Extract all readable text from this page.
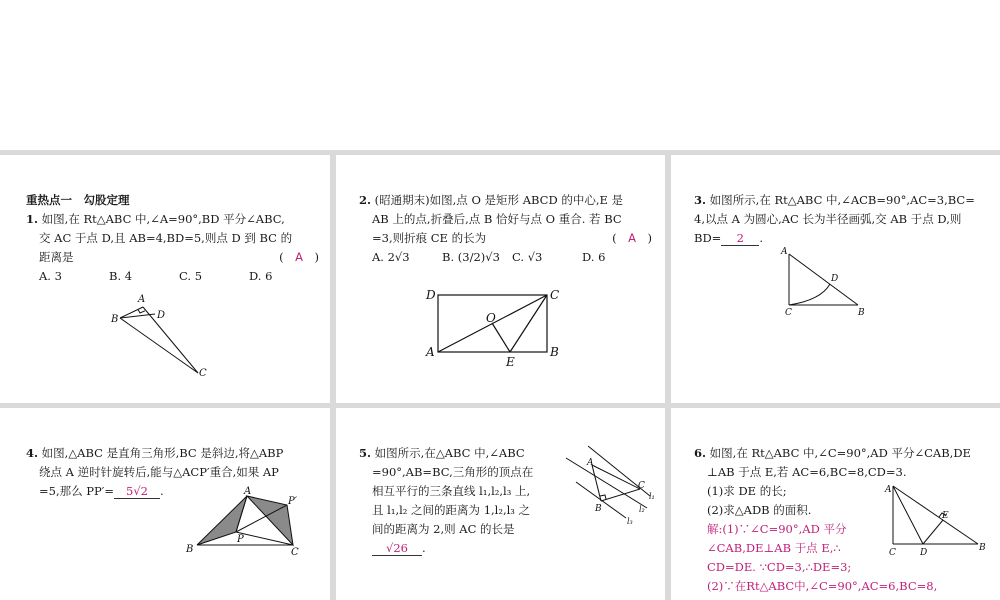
重热点一　勾股定理
1. 如图,在 Rt△ABC 中,∠A=90°,BD 平分∠ABC,
交 AC 于点 D,且 AB=4,BD=5,则点 D 到 BC 的
距离是	(　A　)
A. 3	B. 4	C. 5	D. 6
A
B
C
D
2. (昭通期末)如图,点 O 是矩形 ABCD 的中心,E 是
AB 上的点,折叠后,点 B 恰好与点 O 重合. 若 BC
=3,则折痕 CE 的长为	(　A　)
A. 2√3	B. (3/2)√3 C. √3	D. 6
D	C
A	B
O
E
3. 如图所示,在 Rt△ABC 中,∠ACB=90°,AC=3,BC=
4,以点 A 为圆心,AC 长为半径画弧,交 AB 于点 D,则
BD= 2 .
A
C	B
D
4. 如图,△ABC 是直角三角形,BC 是斜边,将△ABP
绕点 A 逆时针旋转后,能与△ACP′重合,如果 AP
=5,那么 PP′= 5√2 .	A
B	C
P
P′
5. 如图所示,在△ABC 中,∠ABC
=90°,AB=BC,三角形的顶点在
相互平行的三条直线 l₁,l₂,l₃ 上,
且 l₁,l₂ 之间的距离为 1,l₂,l₃ 之
间的距离为 2,则 AC 的长是
√26 .
A
B
C
l₁
l₂
l₃
6. 如图,在 Rt△ABC 中,∠C=90°,AD 平分∠CAB,DE
⊥AB 于点 E,若 AC=6,BC=8,CD=3.
(1)求 DE 的长;
(2)求△ADB 的面积.
解:(1)∵∠C=90°,AD 平分
∠CAB,DE⊥AB 于点 E,∴
CD=DE. ∵CD=3,∴DE=3;
(2)∵在Rt△ABC中,∠C=90°,AC=6,BC=8,
A
C	D	B
E
